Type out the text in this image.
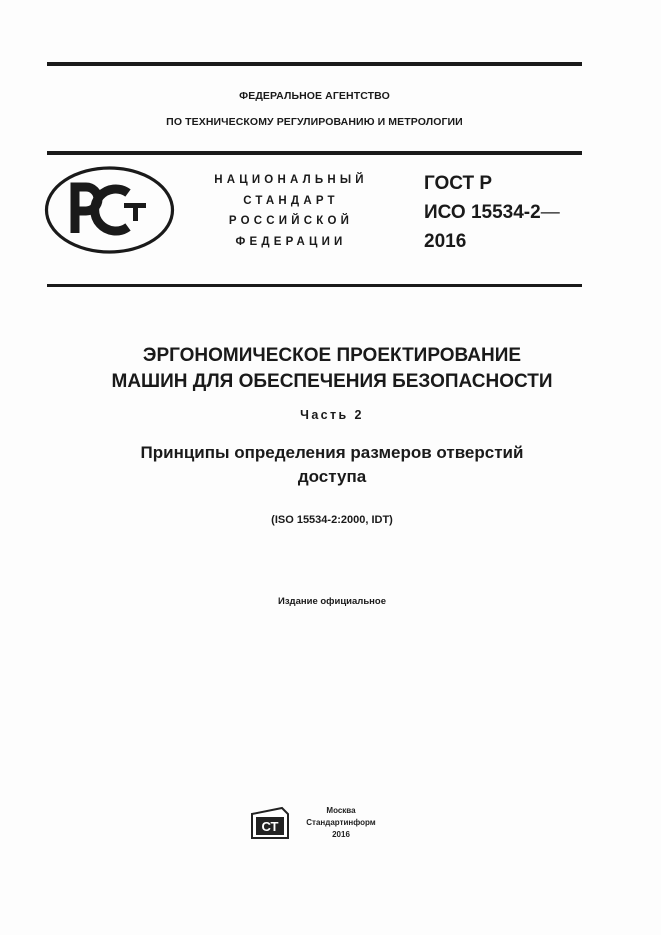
ФЕДЕРАЛЬНОЕ АГЕНТСТВО
ПО ТЕХНИЧЕСКОМУ РЕГУЛИРОВАНИЮ И МЕТРОЛОГИИ
НАЦИОНАЛЬНЫЙ
СТАНДАРТ
РОССИЙСКОЙ
ФЕДЕРАЦИИ
ГОСТ Р
ИСО 15534-2—
2016
ЭРГОНОМИЧЕСКОЕ ПРОЕКТИРОВАНИЕ
МАШИН ДЛЯ ОБЕСПЕЧЕНИЯ БЕЗОПАСНОСТИ
Часть 2
Принципы определения размеров отверстий
доступа
(ISO 15534-2:2000, IDT)
Издание официальное
СТ
Москва
Стандартинформ
2016
